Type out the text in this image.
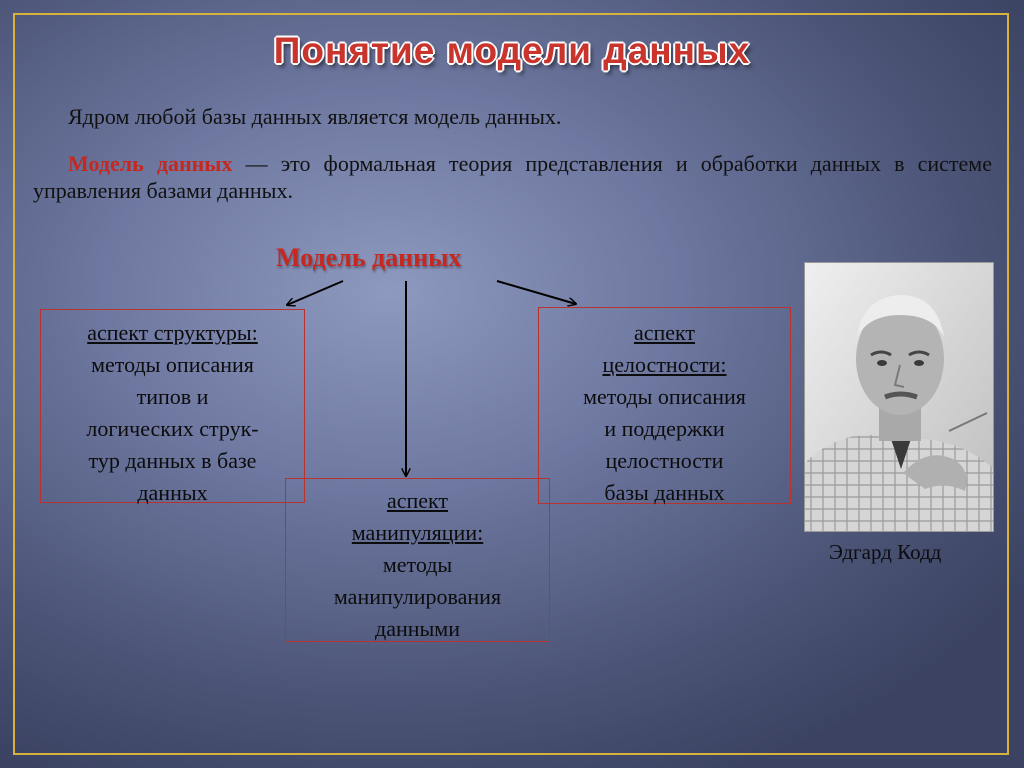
Понятие модели данных
Ядром любой базы данных является модель данных.
Модель данных — это формальная теория представления и обработки данных в системе управления базами данных.
Модель данных
аспект структуры:
методы описания
типов и
логических струк-
тур данных в базе
данных
аспект
целостности:
методы описания
и поддержки
целостности
базы данных
аспект
манипуляции:
методы
манипулирования
данными
Эдгард Кодд
